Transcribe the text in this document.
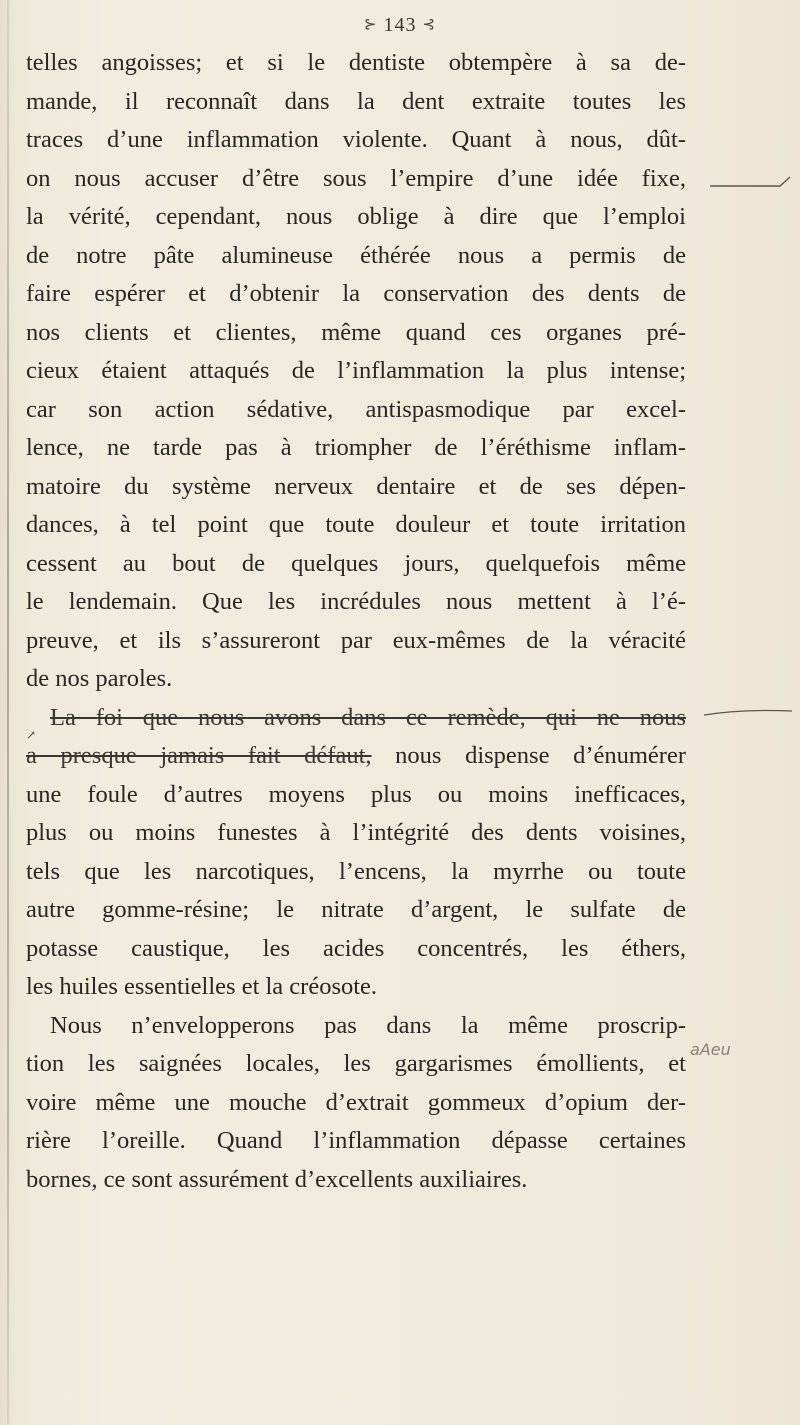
⊱ 143 ⊰
telles angoisses; et si le dentiste obtempère à sa de-
mande, il reconnaît dans la dent extraite toutes les
traces d’une inflammation violente. Quant à nous, dût-
on nous accuser d’être sous l’empire d’une idée fixe,
la vérité, cependant, nous oblige à dire que l’emploi
de notre pâte alumineuse éthérée nous a permis de
faire espérer et d’obtenir la conservation des dents de
nos clients et clientes, même quand ces organes pré-
cieux étaient attaqués de l’inflammation la plus intense;
car son action sédative, antispasmodique par excel-
lence, ne tarde pas à triompher de l’éréthisme inflam-
matoire du système nerveux dentaire et de ses dépen-
dances, à tel point que toute douleur et toute irritation
cessent au bout de quelques jours, quelquefois même
le lendemain. Que les incrédules nous mettent à l’é-
preuve, et ils s’assureront par eux-mêmes de la véracité
de nos paroles.
La foi que nous avons dans ce remède, qui ne nous
a presque jamais fait défaut, nous dispense d’énumérer
une foule d’autres moyens plus ou moins inefficaces,
plus ou moins funestes à l’intégrité des dents voisines,
tels que les narcotiques, l’encens, la myrrhe ou toute
autre gomme-résine; le nitrate d’argent, le sulfate de
potasse caustique, les acides concentrés, les éthers,
les huiles essentielles et la créosote.
Nous n’envelopperons pas dans la même proscrip-
tion les saignées locales, les gargarismes émollients, et
voire même une mouche d’extrait gommeux d’opium der-
rière l’oreille. Quand l’inflammation dépasse certaines
bornes, ce sont assurément d’excellents auxiliaires.
aAeu
↗
